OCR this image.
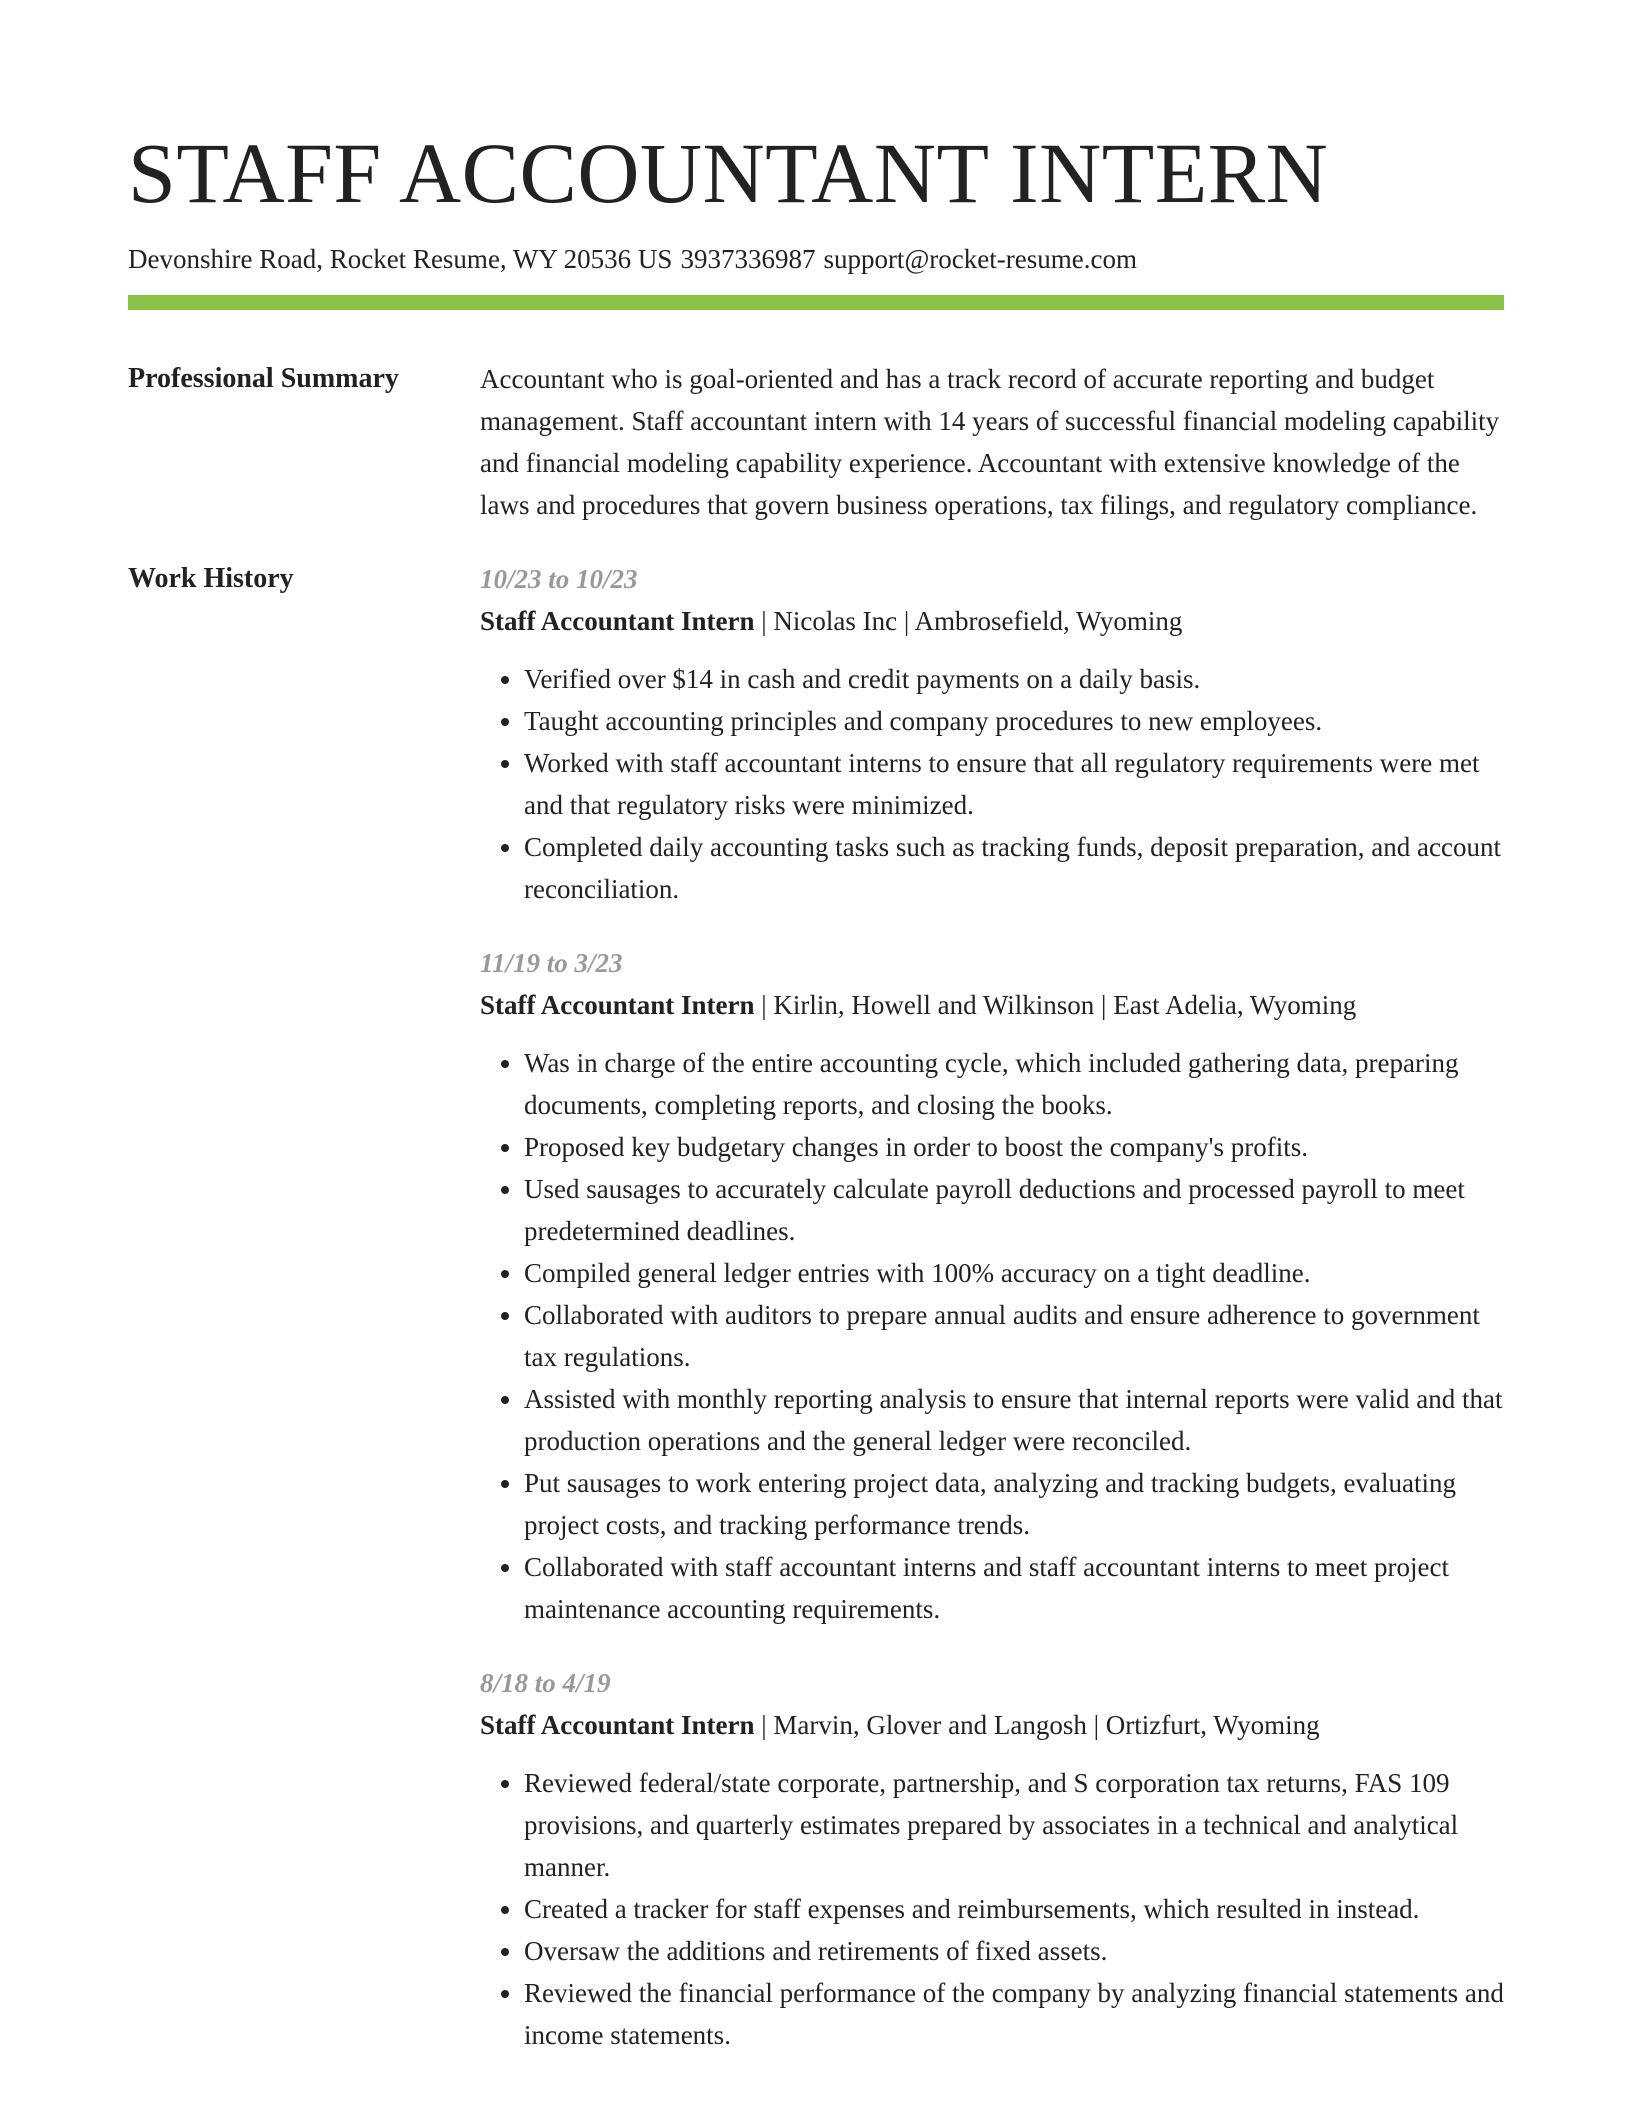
STAFF ACCOUNTANT INTERN
Devonshire Road, Rocket Resume, WY 20536 US 3937336987 support@rocket-resume.com
Professional Summary	Accountant who is goal-oriented and has a track record of accurate reporting and budget management. Staff accountant intern with 14 years of successful financial modeling capability and financial modeling capability experience. Accountant with extensive knowledge of the laws and procedures that govern business operations, tax filings, and regulatory compliance.
Work History	10/23 to 10/23
Staff Accountant Intern | Nicolas Inc | Ambrosefield, Wyoming
• Verified over $14 in cash and credit payments on a daily basis.
• Taught accounting principles and company procedures to new employees.
• Worked with staff accountant interns to ensure that all regulatory requirements were met and that regulatory risks were minimized.
• Completed daily accounting tasks such as tracking funds, deposit preparation, and account reconciliation.
11/19 to 3/23
Staff Accountant Intern | Kirlin, Howell and Wilkinson | East Adelia, Wyoming
• Was in charge of the entire accounting cycle, which included gathering data, preparing documents, completing reports, and closing the books.
• Proposed key budgetary changes in order to boost the company's profits.
• Used sausages to accurately calculate payroll deductions and processed payroll to meet predetermined deadlines.
• Compiled general ledger entries with 100% accuracy on a tight deadline.
• Collaborated with auditors to prepare annual audits and ensure adherence to government tax regulations.
• Assisted with monthly reporting analysis to ensure that internal reports were valid and that production operations and the general ledger were reconciled.
• Put sausages to work entering project data, analyzing and tracking budgets, evaluating project costs, and tracking performance trends.
• Collaborated with staff accountant interns and staff accountant interns to meet project maintenance accounting requirements.
8/18 to 4/19
Staff Accountant Intern | Marvin, Glover and Langosh | Ortizfurt, Wyoming
• Reviewed federal/state corporate, partnership, and S corporation tax returns, FAS 109 provisions, and quarterly estimates prepared by associates in a technical and analytical manner.
• Created a tracker for staff expenses and reimbursements, which resulted in instead.
• Oversaw the additions and retirements of fixed assets.
• Reviewed the financial performance of the company by analyzing financial statements and income statements.
